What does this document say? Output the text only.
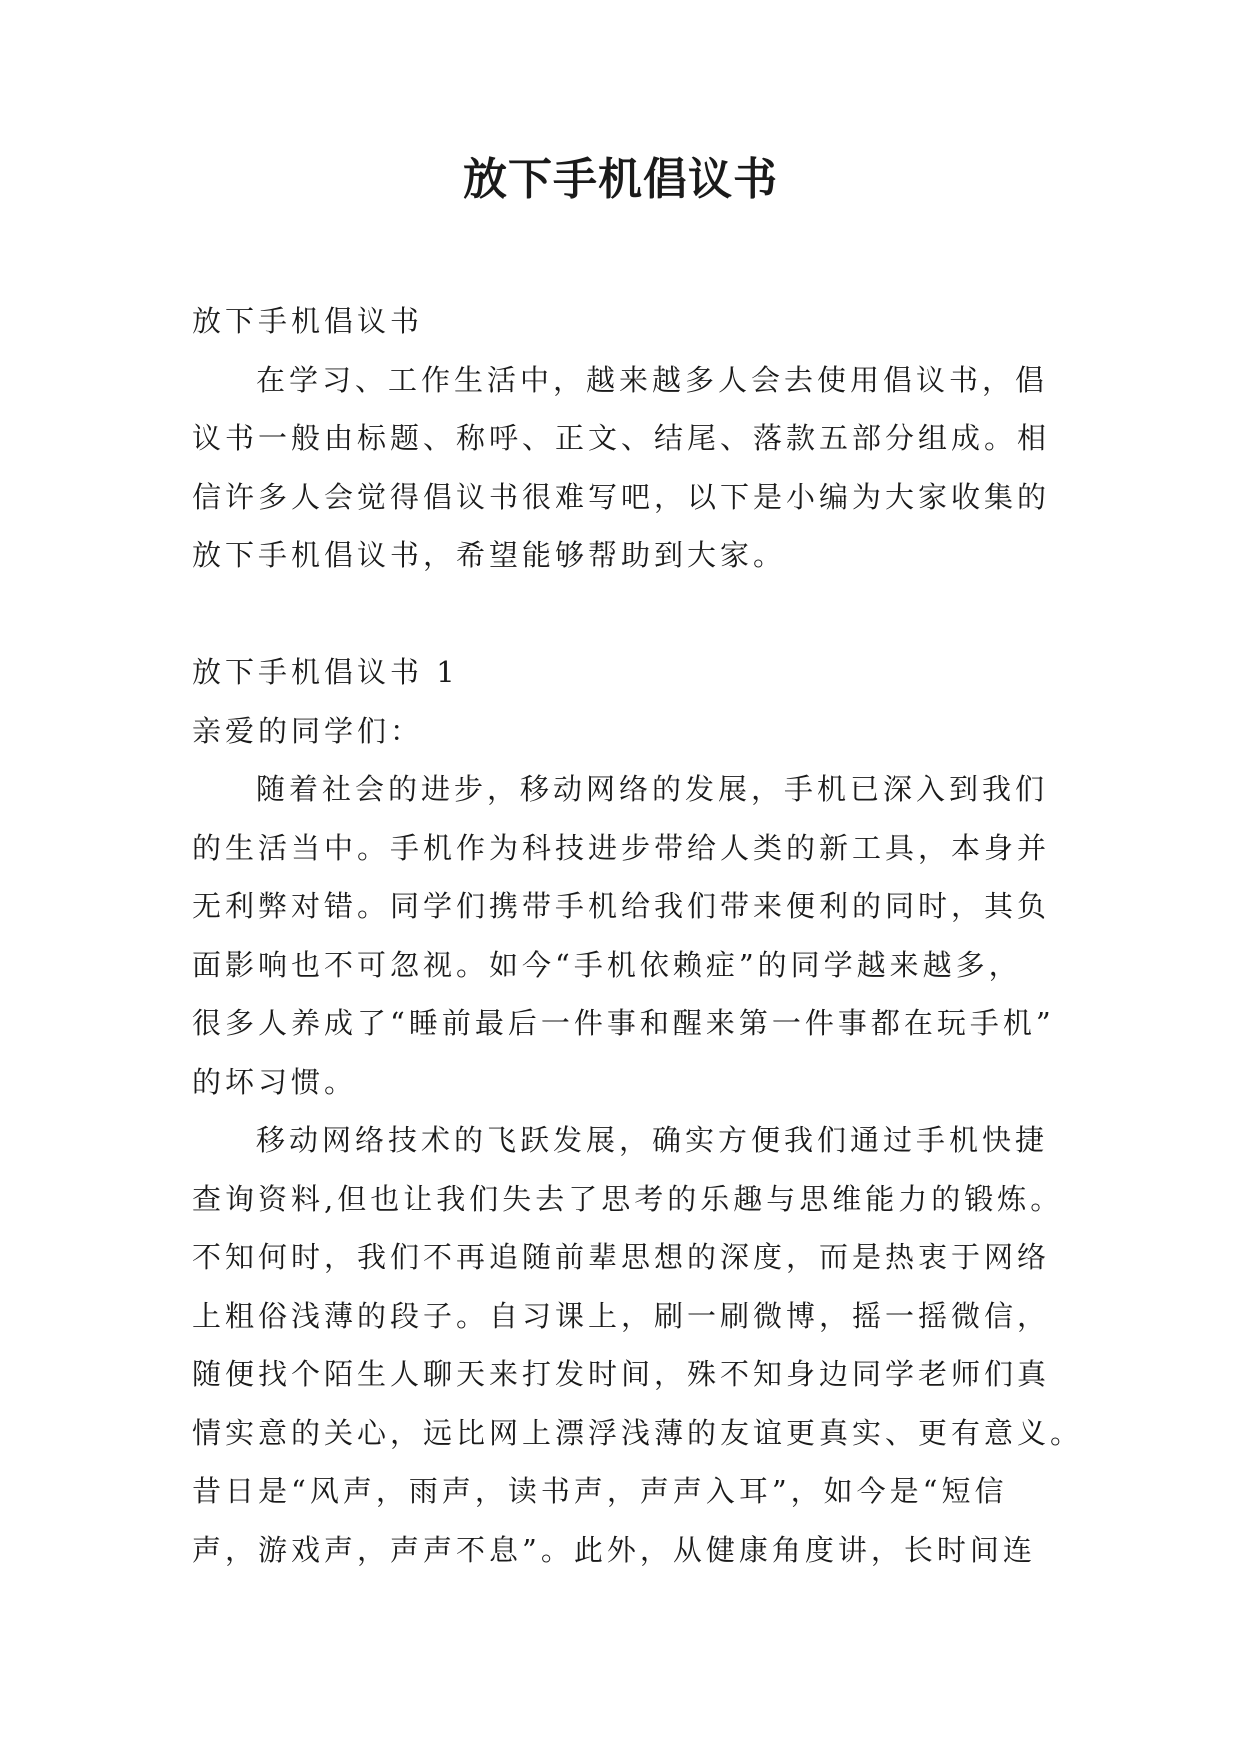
放下手机倡议书
放下手机倡议书
在学习、工作生活中，越来越多人会去使用倡议书，倡
议书一般由标题、称呼、正文、结尾、落款五部分组成。相
信许多人会觉得倡议书很难写吧，以下是小编为大家收集的
放下手机倡议书，希望能够帮助到大家。
放下手机倡议书 1
亲爱的同学们：
随着社会的进步，移动网络的发展，手机已深入到我们
的生活当中。手机作为科技进步带给人类的新工具，本身并
无利弊对错。同学们携带手机给我们带来便利的同时，其负
面影响也不可忽视。如今“手机依赖症”的同学越来越多，
很多人养成了“睡前最后一件事和醒来第一件事都在玩手机”
的坏习惯。
移动网络技术的飞跃发展，确实方便我们通过手机快捷
查询资料,但也让我们失去了思考的乐趣与思维能力的锻炼。
不知何时，我们不再追随前辈思想的深度，而是热衷于网络
上粗俗浅薄的段子。自习课上，刷一刷微博，摇一摇微信，
随便找个陌生人聊天来打发时间，殊不知身边同学老师们真
情实意的关心，远比网上漂浮浅薄的友谊更真实、更有意义。
昔日是“风声，雨声，读书声，声声入耳”，如今是“短信
声，游戏声，声声不息”。此外，从健康角度讲，长时间连
